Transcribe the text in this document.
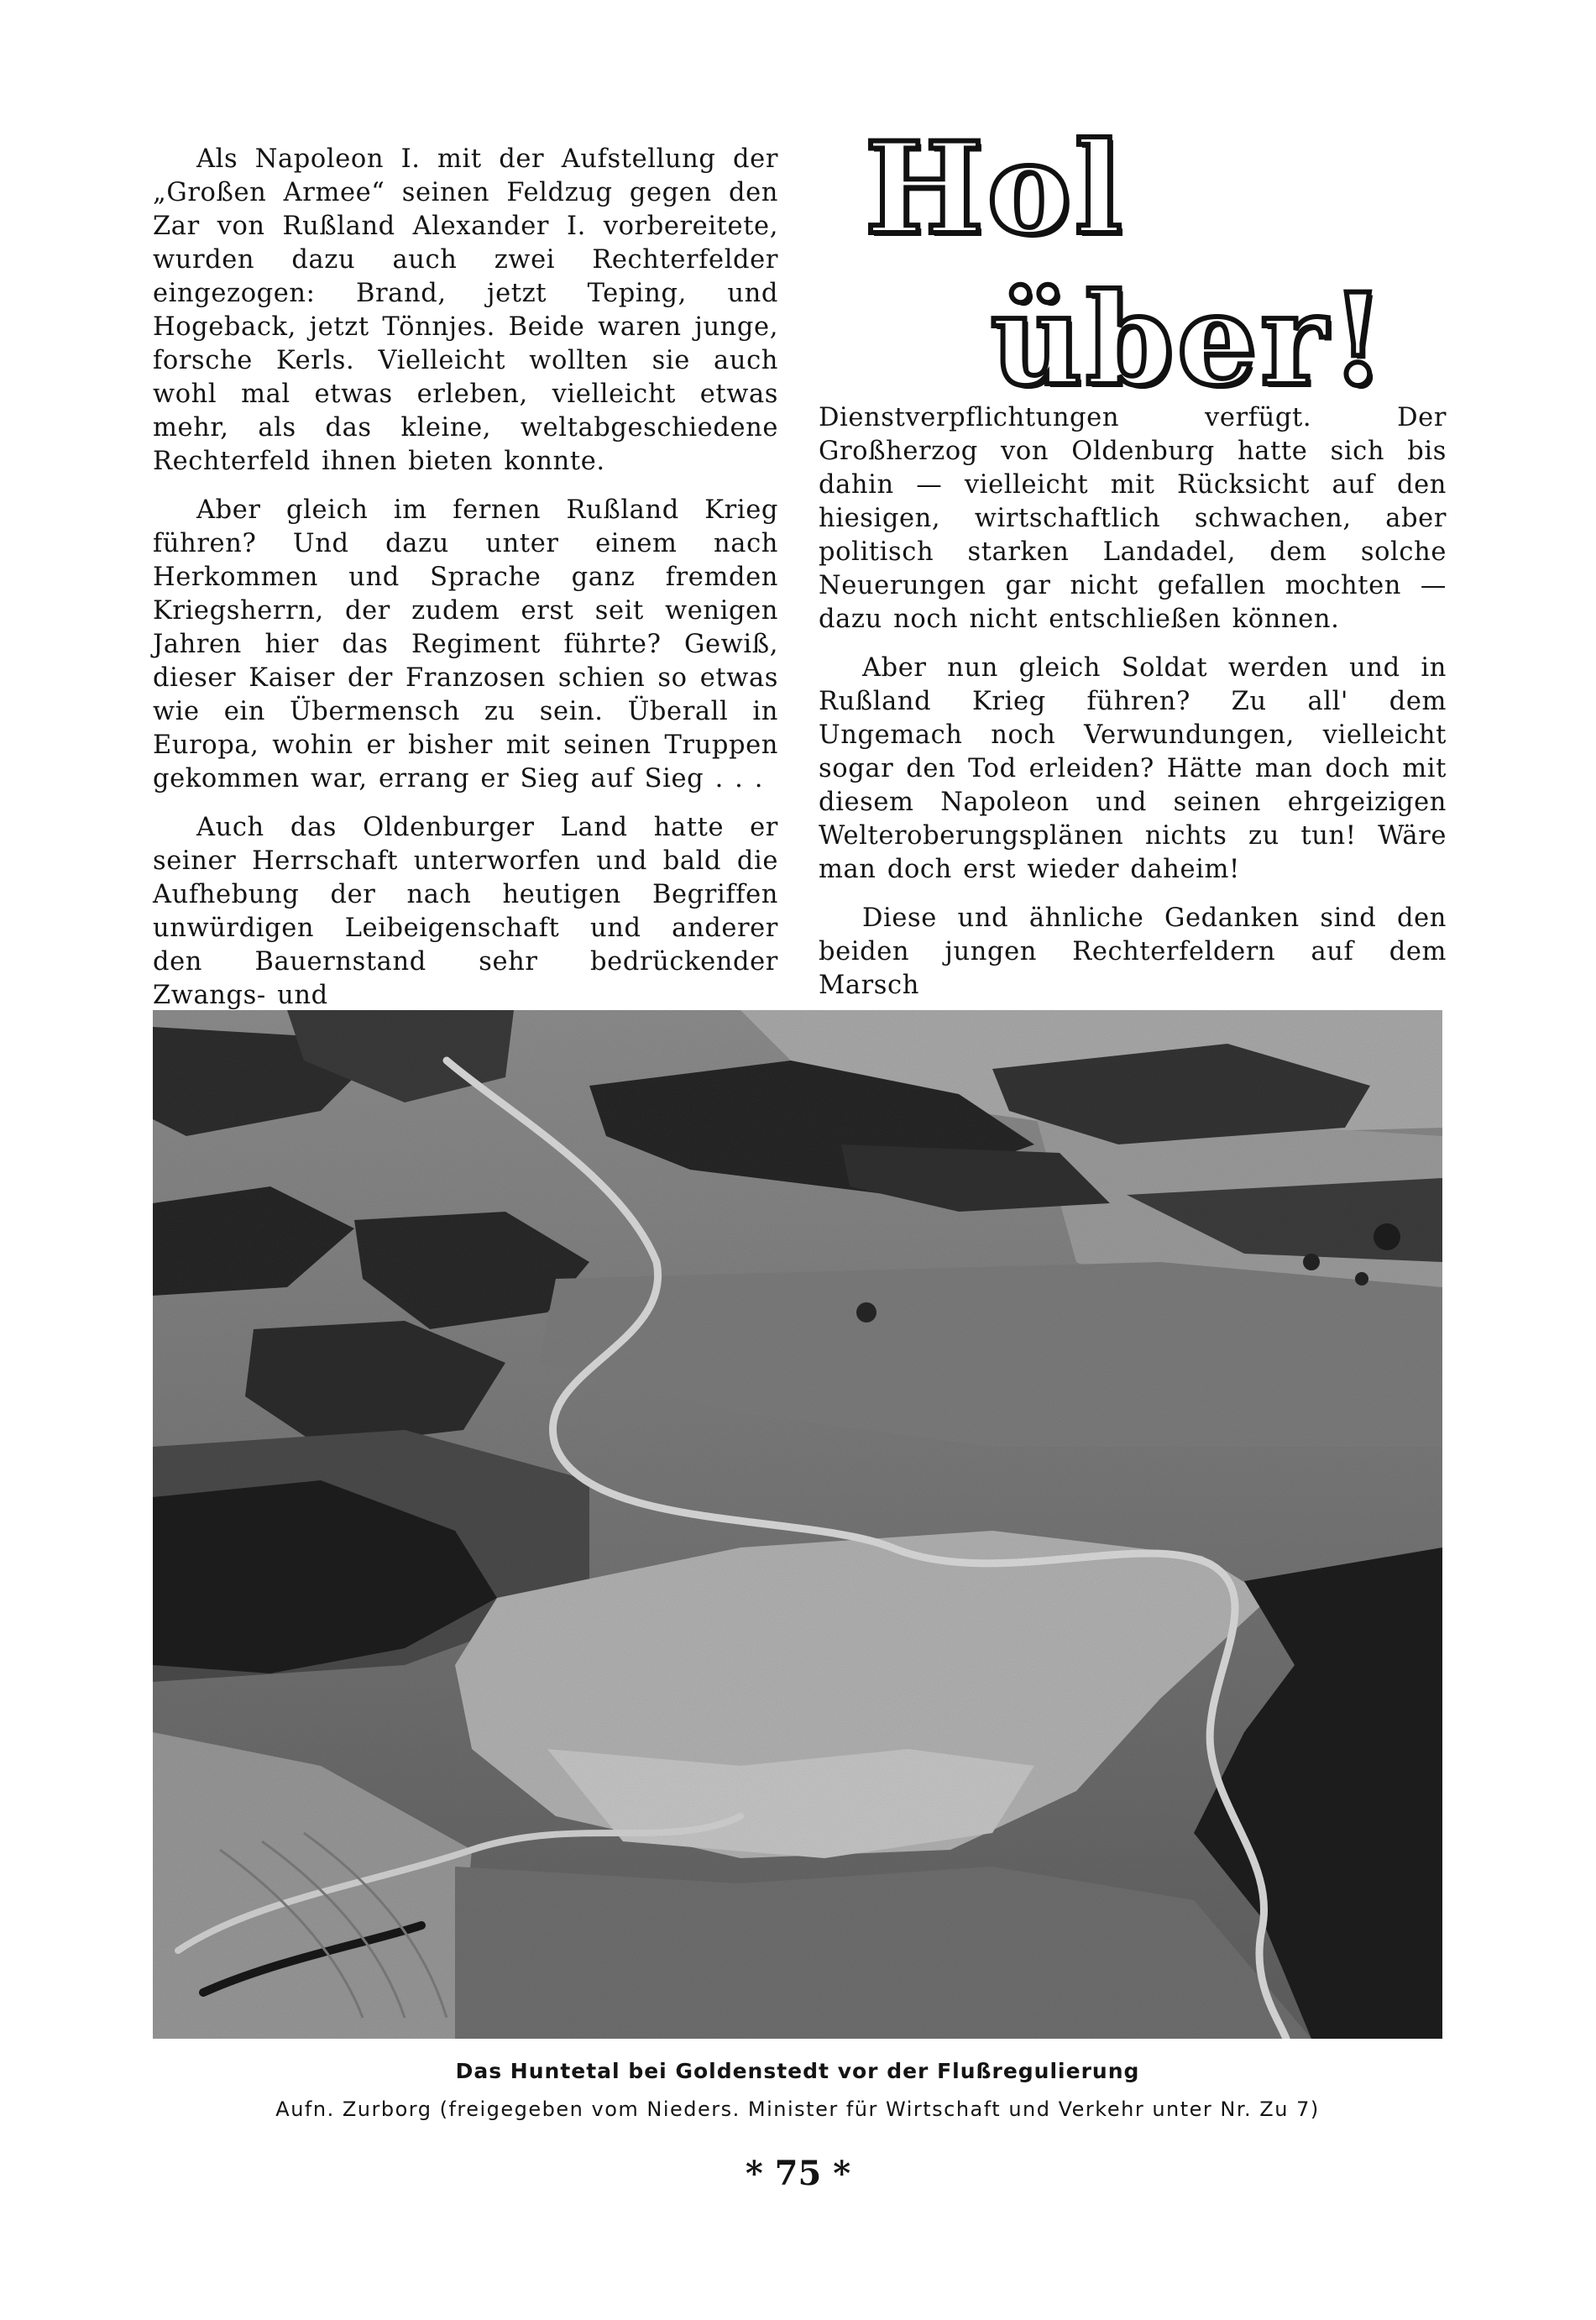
Als Napoleon I. mit der Aufstellung der „Großen Armee“ seinen Feldzug gegen den Zar von Rußland Alexander I. vorbereitete, wurden dazu auch zwei Rechterfelder eingezogen: Brand, jetzt Teping, und Hogeback, jetzt Tönnjes. Beide waren junge, forsche Kerls. Vielleicht wollten sie auch wohl mal etwas erleben, vielleicht etwas mehr, als das kleine, weltabgeschiedene Rechterfeld ihnen bieten konnte.

Aber gleich im fernen Rußland Krieg führen? Und dazu unter einem nach Herkommen und Sprache ganz fremden Kriegsherrn, der zudem erst seit wenigen Jahren hier das Regiment führte? Gewiß, dieser Kaiser der Franzosen schien so etwas wie ein Übermensch zu sein. Überall in Europa, wohin er bisher mit seinen Truppen gekommen war, errang er Sieg auf Sieg . . .

Auch das Oldenburger Land hatte er seiner Herrschaft unterworfen und bald die Aufhebung der nach heutigen Begriffen unwürdigen Leibeigenschaft und anderer den Bauernstand sehr bedrückender Zwangs- und

Hol
über!

Dienstverpflichtungen verfügt. Der Großherzog von Oldenburg hatte sich bis dahin — vielleicht mit Rücksicht auf den hiesigen, wirtschaftlich schwachen, aber politisch starken Landadel, dem solche Neuerungen gar nicht gefallen mochten — dazu noch nicht entschließen können.

Aber nun gleich Soldat werden und in Rußland Krieg führen? Zu all' dem Ungemach noch Verwundungen, vielleicht sogar den Tod erleiden? Hätte man doch mit diesem Napoleon und seinen ehrgeizigen Welteroberungsplänen nichts zu tun! Wäre man doch erst wieder daheim!

Diese und ähnliche Gedanken sind den beiden jungen Rechterfeldern auf dem Marsch

Das Huntetal bei Goldenstedt vor der Flußregulierung
Aufn. Zurborg (freigegeben vom Nieders. Minister für Wirtschaft und Verkehr unter Nr. Zu 7)
* 75 *
